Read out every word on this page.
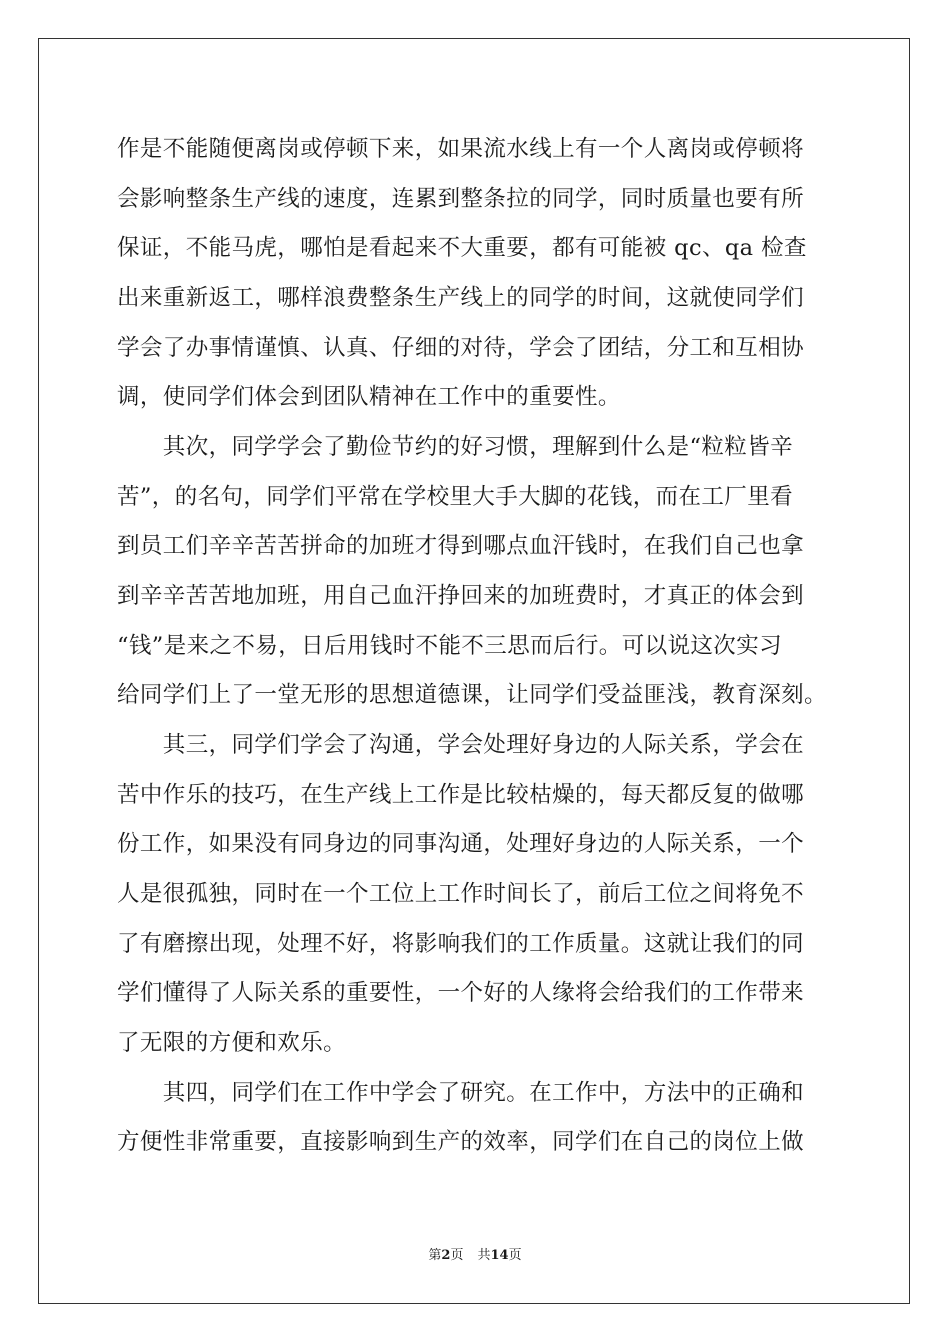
作是不能随便离岗或停顿下来，如果流水线上有一个人离岗或停顿将
会影响整条生产线的速度，连累到整条拉的同学，同时质量也要有所
保证，不能马虎，哪怕是看起来不大重要，都有可能被 qc、qa 检查
出来重新返工，哪样浪费整条生产线上的同学的时间，这就使同学们
学会了办事情谨慎、认真、仔细的对待，学会了团结，分工和互相协
调，使同学们体会到团队精神在工作中的重要性。
　　其次，同学学会了勤俭节约的好习惯，理解到什么是“粒粒皆辛
苦”，的名句，同学们平常在学校里大手大脚的花钱，而在工厂里看
到员工们辛辛苦苦拼命的加班才得到哪点血汗钱时，在我们自己也拿
到辛辛苦苦地加班，用自己血汗挣回来的加班费时，才真正的体会到
“钱”是来之不易，日后用钱时不能不三思而后行。可以说这次实习
给同学们上了一堂无形的思想道德课，让同学们受益匪浅，教育深刻。
　　其三，同学们学会了沟通，学会处理好身边的人际关系，学会在
苦中作乐的技巧，在生产线上工作是比较枯燥的，每天都反复的做哪
份工作，如果没有同身边的同事沟通，处理好身边的人际关系，一个
人是很孤独，同时在一个工位上工作时间长了，前后工位之间将免不
了有磨擦出现，处理不好，将影响我们的工作质量。这就让我们的同
学们懂得了人际关系的重要性，一个好的人缘将会给我们的工作带来
了无限的方便和欢乐。
　　其四，同学们在工作中学会了研究。在工作中，方法中的正确和
方便性非常重要，直接影响到生产的效率，同学们在自己的岗位上做
第2页 共14页
